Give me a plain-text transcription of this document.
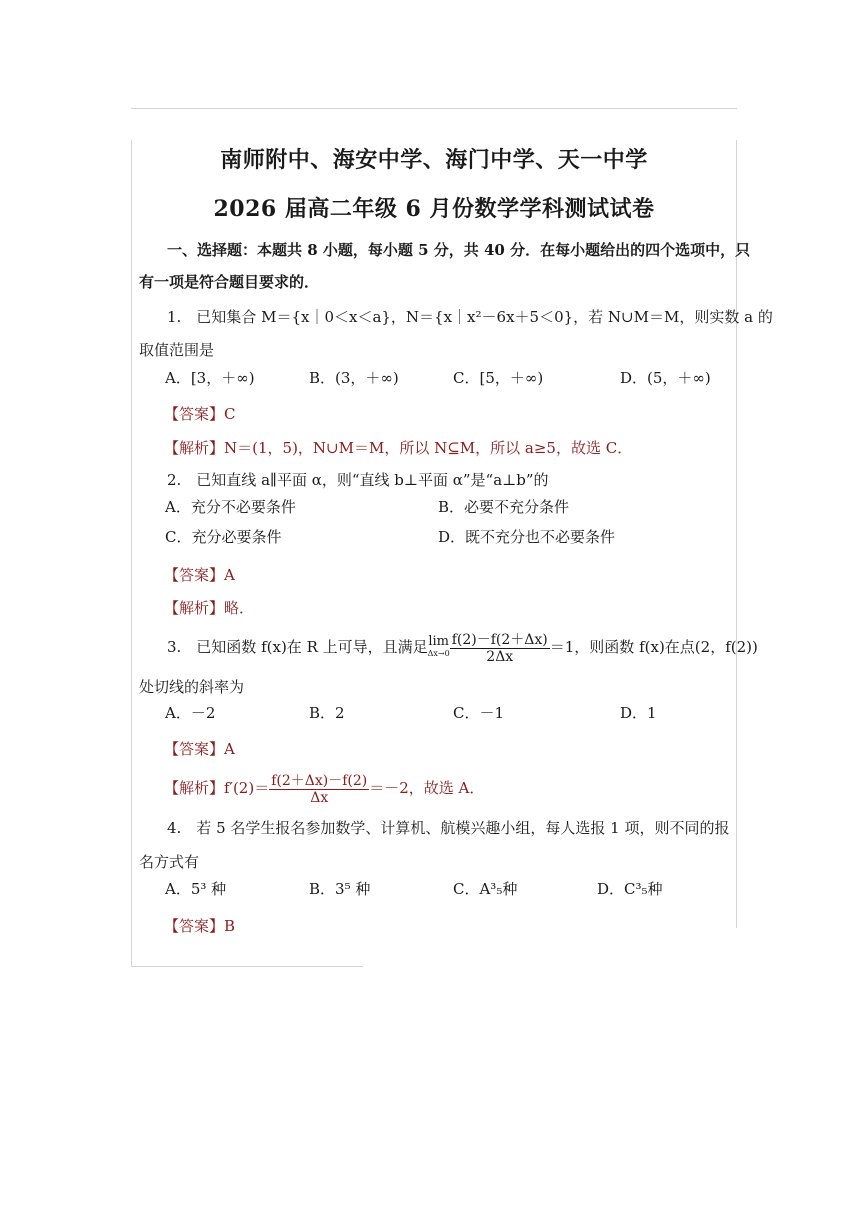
南师附中、海安中学、海门中学、天一中学
2026 届高二年级 6 月份数学学科测试试卷
一、选择题：本题共 8 小题，每小题 5 分，共 40 分．在每小题给出的四个选项中，只
有一项是符合题目要求的．
1.　已知集合 M＝{x｜0＜x＜a}，N＝{x｜x²－6x＋5＜0}，若 N∪M＝M，则实数 a 的
取值范围是
A．[3，＋∞)	B．(3，＋∞)	C．[5，＋∞)	D．(5，＋∞)
【答案】C
【解析】N＝(1，5)，N∪M＝M，所以 N⊆M，所以 a≥5，故选 C．
2.　已知直线 a∥平面 α，则“直线 b⊥平面 α”是“a⊥b”的
A．充分不必要条件	B．必要不充分条件
C．充分必要条件	D．既不充分也不必要条件
【答案】A
【解析】略．
3.　已知函数 f(x)在 R 上可导，且满足lim
$\Delta x\to 0 \frac{f(2)-f(2+\Delta x)}{2\Delta x} =1$，则函数 f(x)在点(2，f(2))
处切线的斜率为
A．－2	B．2	C．－1	D．1
【答案】A
【解析】$f'(2)= \frac{f(2+\Delta x)-f(2)}{\Delta x} =-2$，故选 A．
4.　若 5 名学生报名参加数学、计算机、航模兴趣小组，每人选报 1 项，则不同的报
名方式有
A．5³ 种	B．3⁵ 种	C．A³₅种	D．C³₅种
【答案】B
